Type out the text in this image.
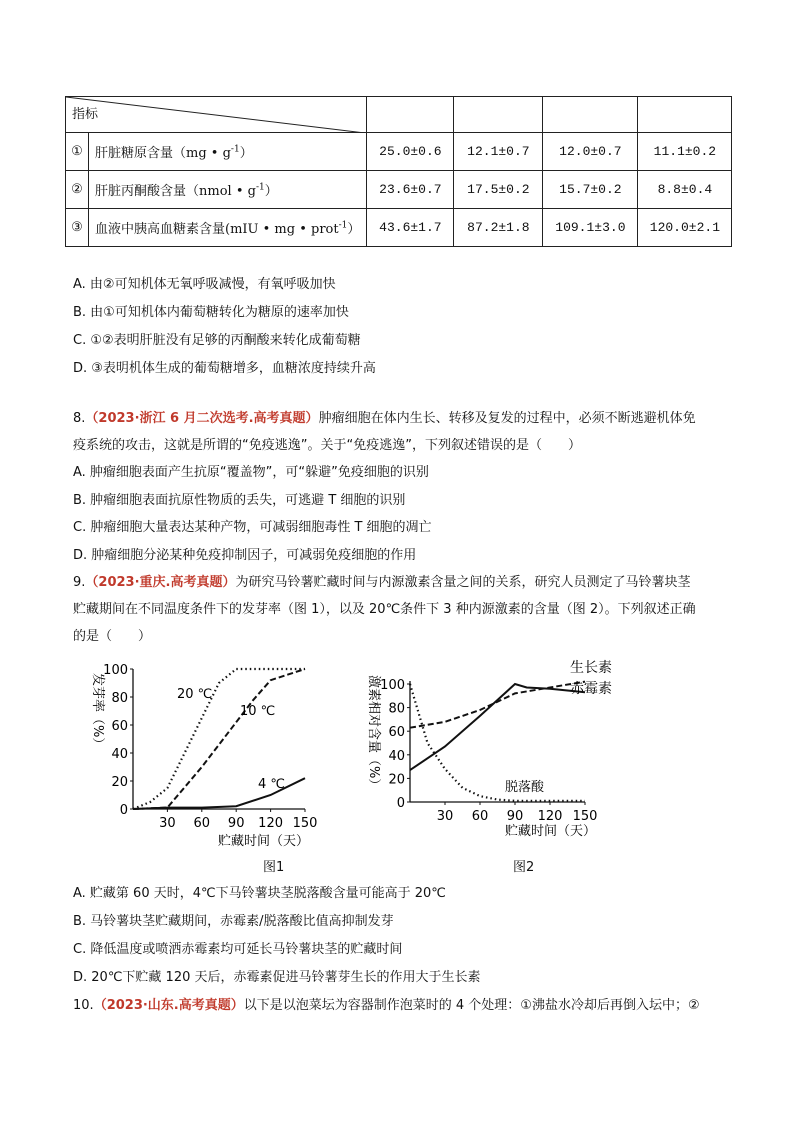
指标					

①	肝脏糖原含量（mg • $g^{-1}$）	25.0±0.6	12.1±0.7	12.0±0.7	11.1±0.2
②	肝脏丙酮酸含量（nmol • $g^{-1}$）	23.6±0.7	17.5±0.2	15.7±0.2	8.8±0.4
③	血液中胰高血糖素含量(mIU • mg • prot$^{-1}$）	43.6±1.7	87.2±1.8	109.1±3.0	120.0±2.1
A. 由②可知机体无氧呼吸减慢，有氧呼吸加快
B. 由①可知机体内葡萄糖转化为糖原的速率加快
C. ①②表明肝脏没有足够的丙酮酸来转化成葡萄糖
D. ③表明机体生成的葡萄糖增多，血糖浓度持续升高
8.（2023·浙江 6 月二次选考.高考真题）肿瘤细胞在体内生长、转移及复发的过程中，必须不断逃避机体免
疫系统的攻击，这就是所谓的“免疫逃逸”。关于“免疫逃逸”，下列叙述错误的是（　　）
A. 肿瘤细胞表面产生抗原“覆盖物”，可“躲避”免疫细胞的识别
B. 肿瘤细胞表面抗原性物质的丢失，可逃避 T 细胞的识别
C. 肿瘤细胞大量表达某种产物，可减弱细胞毒性 T 细胞的凋亡
D. 肿瘤细胞分泌某种免疫抑制因子，可减弱免疫细胞的作用
9.（2023·重庆.高考真题）为研究马铃薯贮藏时间与内源激素含量之间的关系，研究人员测定了马铃薯块茎
贮藏期间在不同温度条件下的发芽率（图 1），以及 20℃条件下 3 种内源激素的含量（图 2）。下列叙述正确
的是（　　）
发芽率（%）
100
80
60
40
20
0
30 60 90 120 150
20 ℃
10 ℃
4 ℃
贮藏时间（天）
图1
激素相对含量（%） 100
80
60
40
20
0
30 60 90 120 150
生长素
赤霉素
脱落酸
贮藏时间（天）
图2
A. 贮藏第 60 天时，4℃下马铃薯块茎脱落酸含量可能高于 20℃
B. 马铃薯块茎贮藏期间，赤霉素/脱落酸比值高抑制发芽
C. 降低温度或喷洒赤霉素均可延长马铃薯块茎的贮藏时间
D. 20℃下贮藏 120 天后，赤霉素促进马铃薯芽生长的作用大于生长素
10.（2023·山东.高考真题）以下是以泡菜坛为容器制作泡菜时的 4 个处理：①沸盐水冷却后再倒入坛中；②
